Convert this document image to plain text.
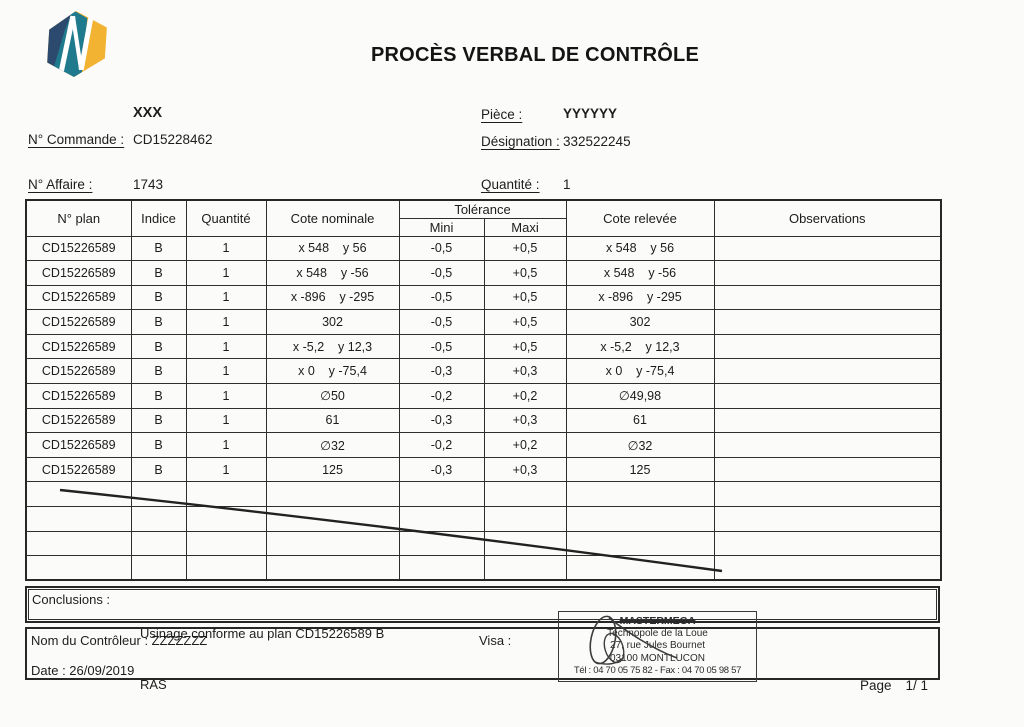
PROCÈS VERBAL DE CONTRÔLE
XXX
N° Commande : CD15228462
N° Affaire :	1743
Pièce :	YYYYYY
Désignation : 332522245
Quantité : 1
N° plan	Indice	Quantité	Cote nominale	Tolérance		Cote relevée	Observations
				Mini	Maxi		
CD15226589	B	1	x 548    y 56	-0,5	+0,5	x 548    y 56	
CD15226589	B	1	x 548    y -56	-0,5	+0,5	x 548    y -56	
CD15226589	B	1	x -896    y -295	-0,5	+0,5	x -896    y -295	
CD15226589	B	1	302	-0,5	+0,5	302	
CD15226589	B	1	x -5,2    y 12,3	-0,5	+0,5	x -5,2    y 12,3	
CD15226589	B	1	x 0    y -75,4	-0,3	+0,3	x 0    y -75,4	
CD15226589	B	1	∅50	-0,2	+0,2	∅49,98	
CD15226589	B	1	61	-0,3	+0,3	61	
CD15226589	B	1	∅32	-0,2	+0,2	∅32	
CD15226589	B	1	125	-0,3	+0,3	125	

Conclusions :

Usinage conforme au plan CD15226589 B

RAS

Nom du Contrôleur : ZZZZZZZ	Visa :
Date : 26/09/2019
MASTERMEGA
Technopole de la Loue
27, rue Jules Bournet
03100 MONTLUCON
Tél : 04 70 05 75 82 - Fax : 04 70 05 98 57
Page 1/ 1
